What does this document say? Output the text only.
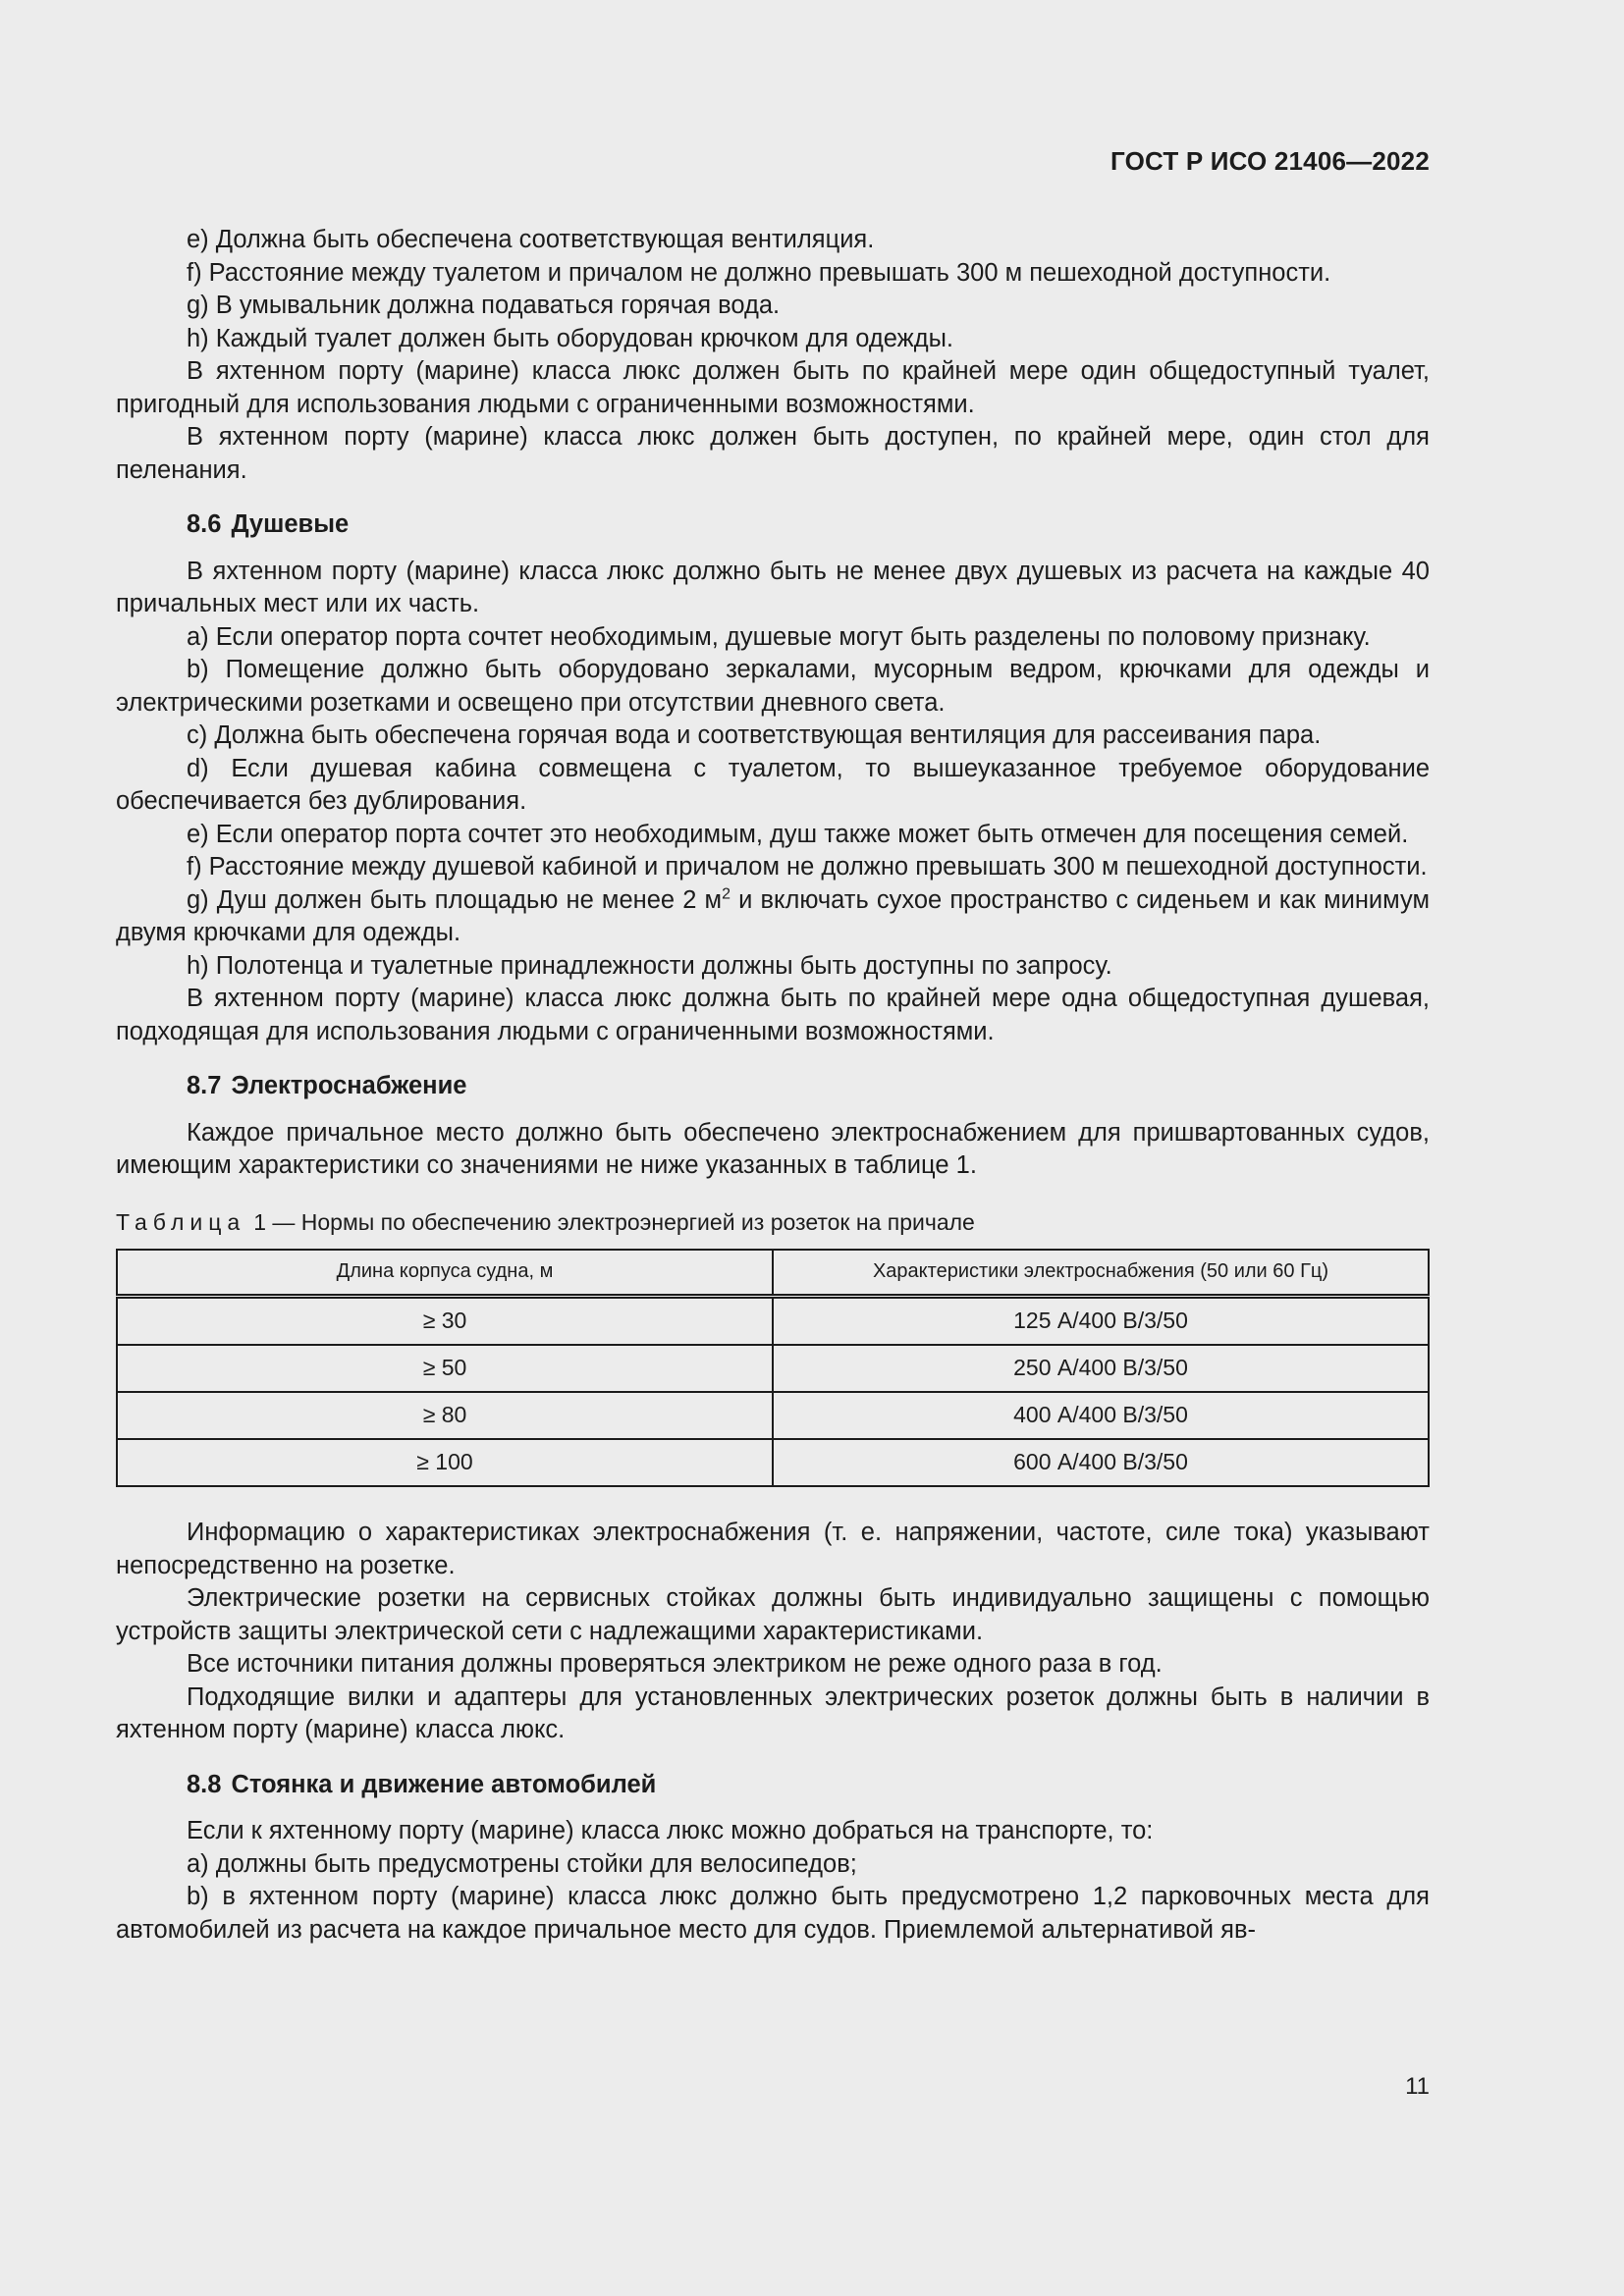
ГОСТ Р ИСО 21406—2022

e) Должна быть обеспечена соответствующая вентиляция.

f) Расстояние между туалетом и причалом не должно превышать 300 м пешеходной доступности.

g) В умывальник должна подаваться горячая вода.

h) Каждый туалет должен быть оборудован крючком для одежды.

В яхтенном порту (марине) класса люкс должен быть по крайней мере один общедоступный туалет, пригодный для использования людьми с ограниченными возможностями.

В яхтенном порту (марине) класса люкс должен быть доступен, по крайней мере, один стол для пеленания.

8.6 Душевые

В яхтенном порту (марине) класса люкс должно быть не менее двух душевых из расчета на каждые 40 причальных мест или их часть.

a) Если оператор порта сочтет необходимым, душевые могут быть разделены по половому признаку.

b) Помещение должно быть оборудовано зеркалами, мусорным ведром, крючками для одежды и электрическими розетками и освещено при отсутствии дневного света.

c) Должна быть обеспечена горячая вода и соответствующая вентиляция для рассеивания пара.

d) Если душевая кабина совмещена с туалетом, то вышеуказанное требуемое оборудование обеспечивается без дублирования.

e) Если оператор порта сочтет это необходимым, душ также может быть отмечен для посещения семей.

f) Расстояние между душевой кабиной и причалом не должно превышать 300 м пешеходной доступности.

g) Душ должен быть площадью не менее 2 $м^2$ и включать сухое пространство с сиденьем и как минимум двумя крючками для одежды.

h) Полотенца и туалетные принадлежности должны быть доступны по запросу.

В яхтенном порту (марине) класса люкс должна быть по крайней мере одна общедоступная душевая, подходящая для использования людьми с ограниченными возможностями.

8.7 Электроснабжение

Каждое причальное место должно быть обеспечено электроснабжением для пришвартованных судов, имеющим характеристики со значениями не ниже указанных в таблице 1.

Таблица 1 — Нормы по обеспечению электроэнергией из розеток на причале
Длина корпуса судна, м	Характеристики электроснабжения (50 или 60 Гц)
≥ 30	125 А/400 В/3/50
≥ 50	250 А/400 В/3/50
≥ 80	400 А/400 В/3/50
≥ 100	600 А/400 В/3/50

Информацию о характеристиках электроснабжения (т. е. напряжении, частоте, силе тока) указывают непосредственно на розетке.

Электрические розетки на сервисных стойках должны быть индивидуально защищены с помощью устройств защиты электрической сети с надлежащими характеристиками.

Все источники питания должны проверяться электриком не реже одного раза в год.

Подходящие вилки и адаптеры для установленных электрических розеток должны быть в наличии в яхтенном порту (марине) класса люкс.

8.8 Стоянка и движение автомобилей

Если к яхтенному порту (марине) класса люкс можно добраться на транспорте, то:

a) должны быть предусмотрены стойки для велосипедов;

b) в яхтенном порту (марине) класса люкс должно быть предусмотрено 1,2 парковочных места для автомобилей из расчета на каждое причальное место для судов. Приемлемой альтернативой яв-

11
